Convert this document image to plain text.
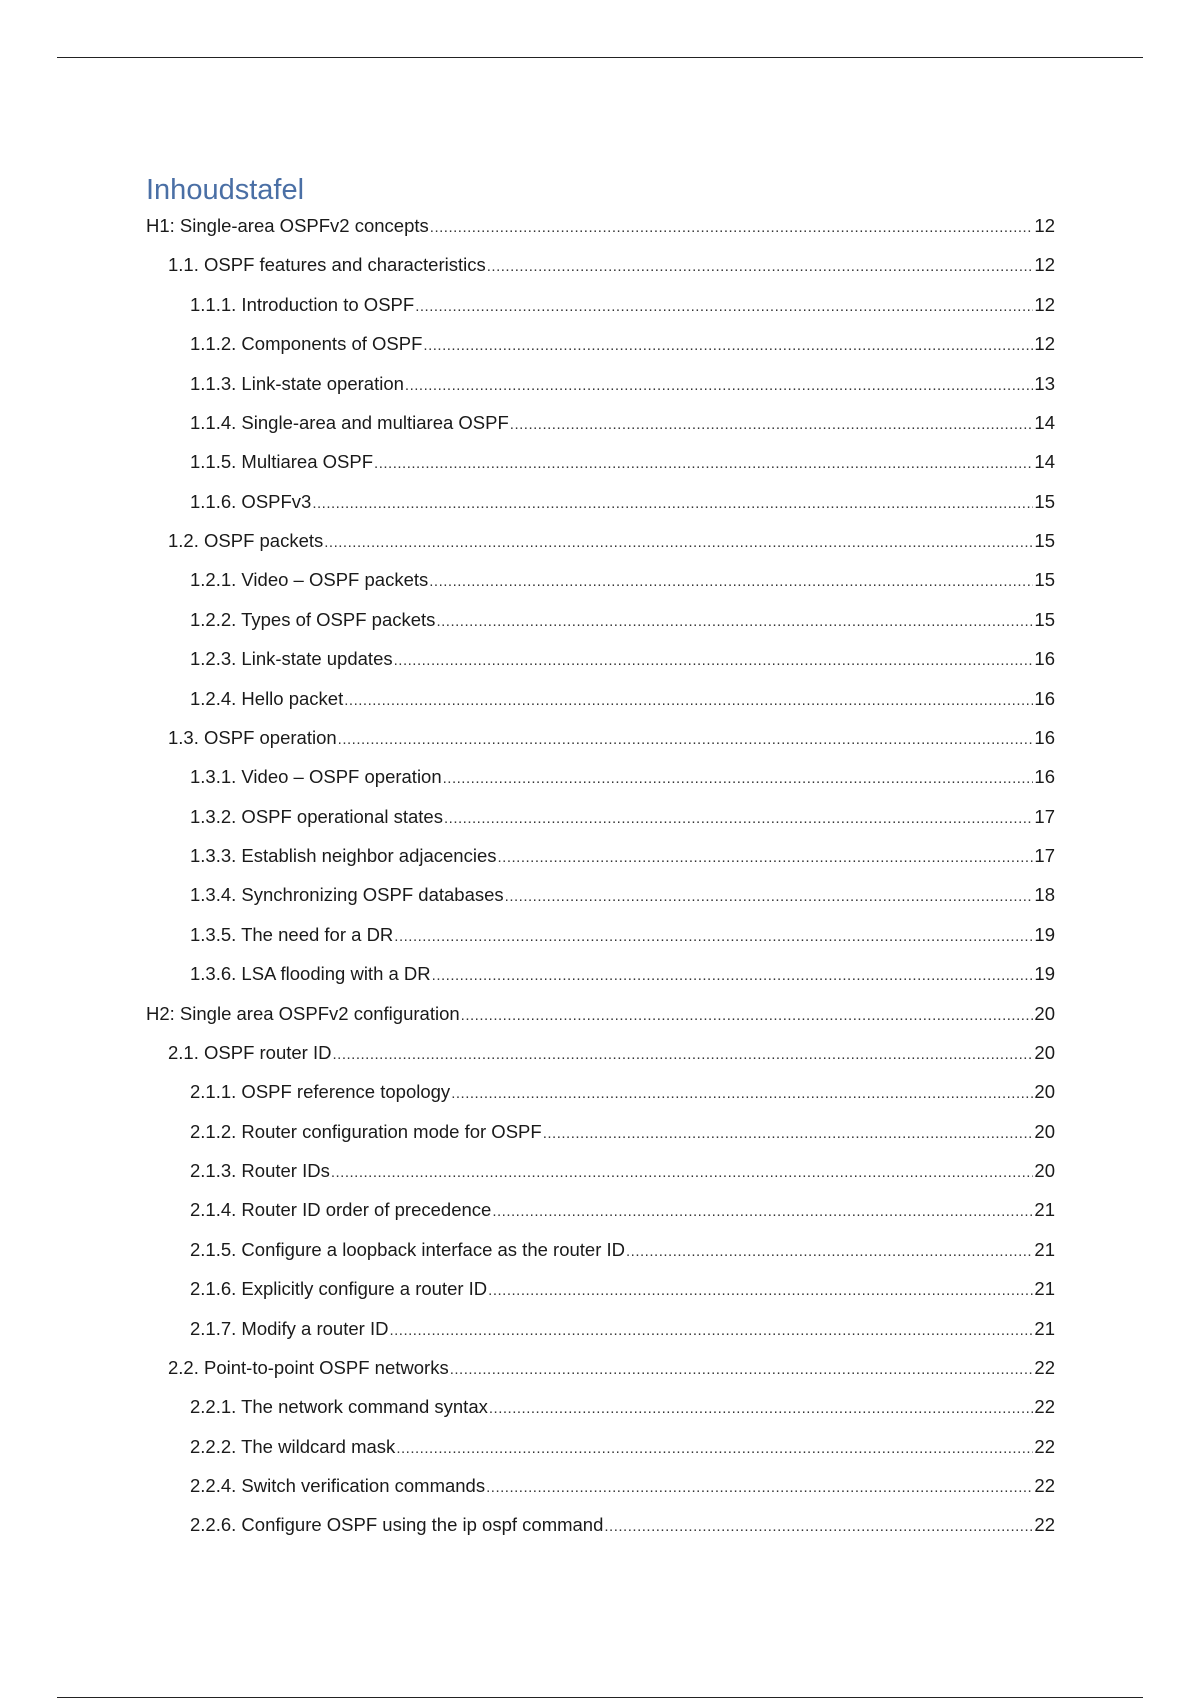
Inhoudstafel
H1: Single-area OSPFv2 concepts .....	12
1.1. OSPF features and characteristics .....	12
1.1.1. Introduction to OSPF .....	12
1.1.2. Components of OSPF .....	12
1.1.3. Link-state operation .....	13
1.1.4. Single-area and multiarea OSPF .....	14
1.1.5. Multiarea OSPF .....	14
1.1.6. OSPFv3 .....	15
1.2. OSPF packets .....	15
1.2.1. Video – OSPF packets .....	15
1.2.2. Types of OSPF packets .....	15
1.2.3. Link-state updates .....	16
1.2.4. Hello packet .....	16
1.3. OSPF operation .....	16
1.3.1. Video – OSPF operation .....	16
1.3.2. OSPF operational states .....	17
1.3.3. Establish neighbor adjacencies .....	17
1.3.4. Synchronizing OSPF databases .....	18
1.3.5. The need for a DR .....	19
1.3.6. LSA flooding with a DR .....	19
H2: Single area OSPFv2 configuration .....	20
2.1. OSPF router ID .....	20
2.1.1. OSPF reference topology .....	20
2.1.2. Router configuration mode for OSPF .....	20
2.1.3. Router IDs .....	20
2.1.4. Router ID order of precedence .....	21
2.1.5. Configure a loopback interface as the router ID .....	21
2.1.6. Explicitly configure a router ID .....	21
2.1.7. Modify a router ID .....	21
2.2. Point-to-point OSPF networks .....	22
2.2.1. The network command syntax .....	22
2.2.2. The wildcard mask .....	22
2.2.4. Switch verification commands .....	22
2.2.6. Configure OSPF using the ip ospf command .....	22
